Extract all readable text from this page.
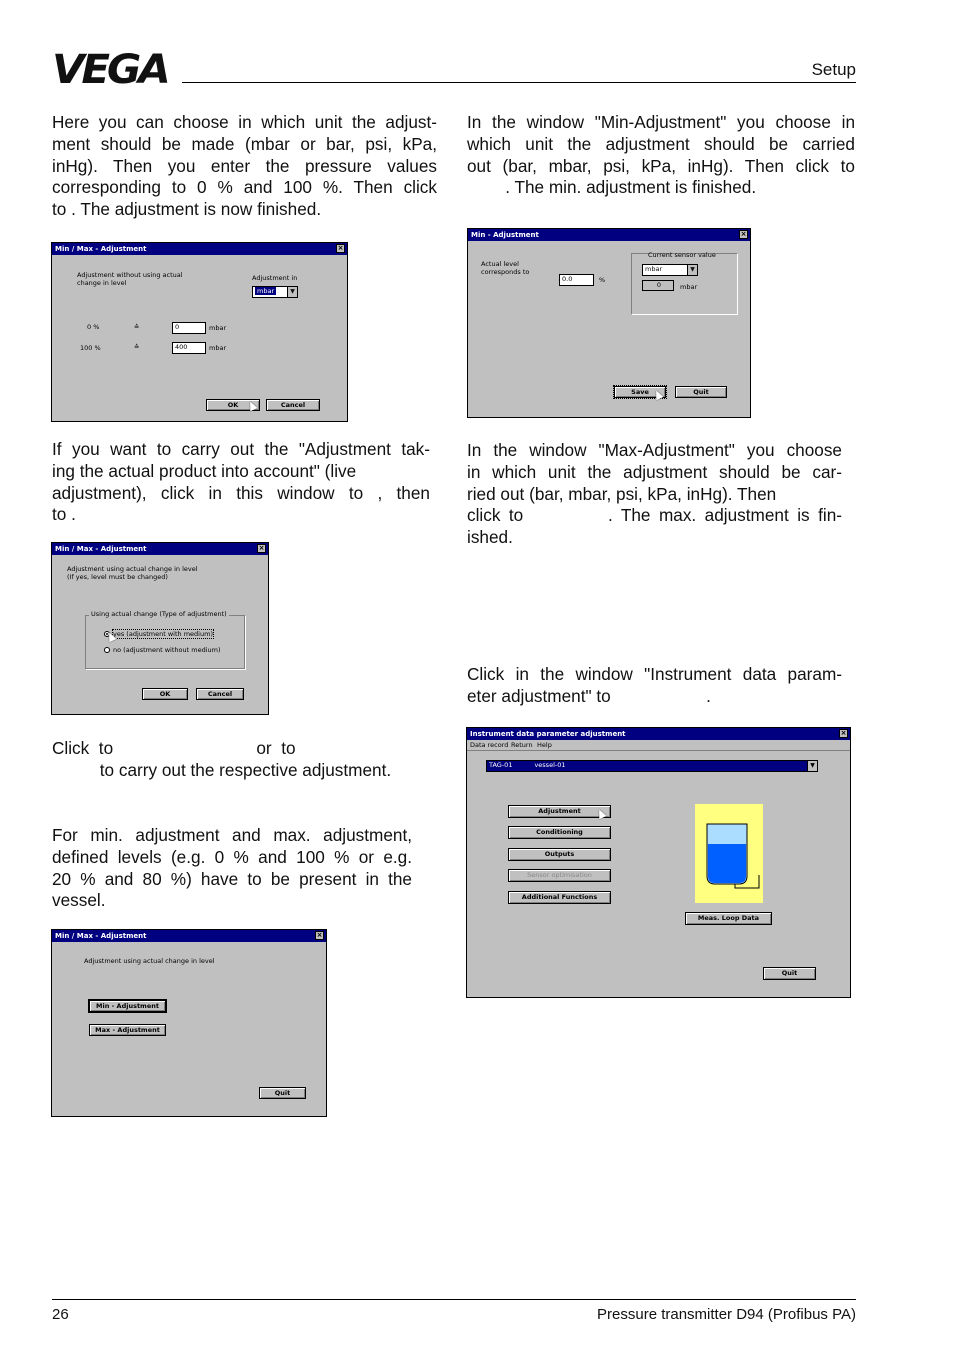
VEGA	Setup
Here you can choose in which unit the adjust-
ment should be made (mbar or bar, psi, kPa,
inHg). Then you enter the pressure values
corresponding to 0 % and 100 %. Then click
to . The adjustment is now finished.
If you want to carry out the "Adjustment tak-
ing the actual product into account" (live
adjustment), click in this window to , then
to .
Click  to                              or  to
to carry out the respective adjustment.
For min. adjustment and max. adjustment,
defined levels (e.g. 0 % and 100 % or e.g.
20 % and 80 %) have to be present in the
vessel.
In the window "Min-Adjustment" you choose in
which unit the adjustment should be carried
out (bar, mbar, psi, kPa, inHg). Then click to
. The min. adjustment is finished.
In the window "Max-Adjustment" you choose
in which unit the adjustment should be car-
ried out (bar, mbar, psi, kPa, inHg). Then
click to          . The max. adjustment is fin-
ished.
Click in the window "Instrument data param-
eter adjustment" to                    .
Min / Max - Adjustment	×
Adjustment without using actual
change in level
Adjustment in
mbar	▼
0 %	≙	0	mbar
100 %	≙	400	mbar
OK	Cancel
Min / Max - Adjustment	×
Adjustment using actual change in level
(If yes, level must be changed)
Using actual change (Type of adjustment)
yes (adjustment with medium)
no (adjustment without medium)
OK	Cancel
Min / Max - Adjustment	×
Adjustment using actual change in level
Min - Adjustment
Max - Adjustment
Quit
Min - Adjustment	×
Actual level
corresponds to
0.0	%
Current sensor value
mbar	▼
0	mbar
Save	Quit
Instrument data parameter adjustment	×
Data record Return Help
TAG-01	vessel-01	▼
Adjustment
Conditioning
Outputs
Sensor optimisation
Additional Functions
Meas. Loop Data
Quit
26	Pressure transmitter D94 (Profibus PA)
